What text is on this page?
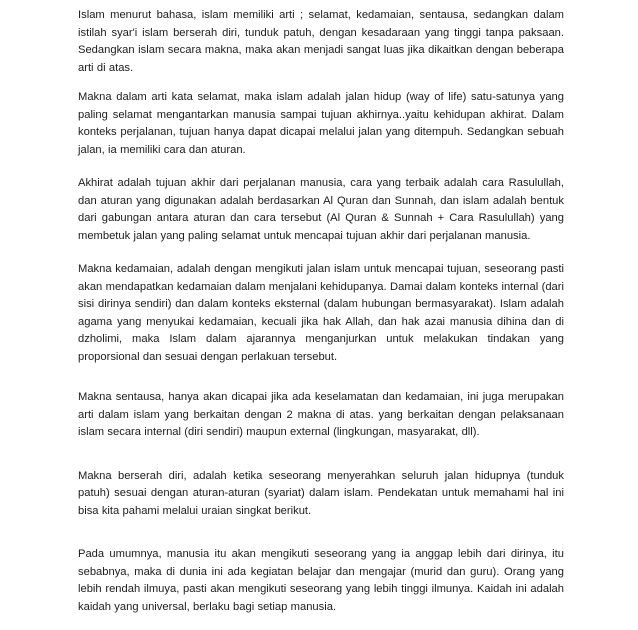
Islam menurut bahasa, islam memiliki arti ; selamat, kedamaian, sentausa, sedangkan dalam istilah syar'i islam berserah diri, tunduk patuh, dengan kesadaraan yang tinggi tanpa paksaan. Sedangkan islam secara makna, maka akan menjadi sangat luas jika dikaitkan dengan beberapa arti di atas.

Makna dalam arti kata selamat, maka islam adalah jalan hidup (way of life) satu-satunya yang paling selamat mengantarkan manusia sampai tujuan akhirnya..yaitu kehidupan akhirat. Dalam konteks perjalanan, tujuan hanya dapat dicapai melalui jalan yang ditempuh. Sedangkan sebuah jalan, ia memiliki cara dan aturan.

Akhirat adalah tujuan akhir dari perjalanan manusia, cara yang terbaik adalah cara Rasulullah, dan aturan yang digunakan adalah berdasarkan Al Quran dan Sunnah, dan islam adalah bentuk dari gabungan antara aturan dan cara tersebut (Al Quran & Sunnah + Cara Rasulullah) yang membetuk jalan yang paling selamat untuk mencapai tujuan akhir dari perjalanan manusia.

Makna kedamaian, adalah dengan mengikuti jalan islam untuk mencapai tujuan, seseorang pasti akan mendapatkan kedamaian dalam menjalani kehidupanya. Damai dalam konteks internal (dari sisi dirinya sendiri) dan dalam konteks eksternal (dalam hubungan bermasyarakat). Islam adalah agama yang menyukai kedamaian, kecuali jika hak Allah, dan hak azai manusia dihina dan di dzholimi, maka Islam dalam ajarannya menganjurkan untuk melakukan tindakan yang proporsional dan sesuai dengan perlakuan tersebut.

Makna sentausa, hanya akan dicapai jika ada keselamatan dan kedamaian, ini juga merupakan arti dalam islam yang berkaitan dengan 2 makna di atas. yang berkaitan dengan pelaksanaan islam secara internal (diri sendiri) maupun external (lingkungan, masyarakat, dll).

Makna berserah diri, adalah ketika seseorang menyerahkan seluruh jalan hidupnya (tunduk patuh) sesuai dengan aturan-aturan (syariat) dalam islam. Pendekatan untuk memahami hal ini bisa kita pahami melalui uraian singkat berikut.

Pada umumnya, manusia itu akan mengikuti seseorang yang ia anggap lebih dari dirinya, itu sebabnya, maka di dunia ini ada kegiatan belajar dan mengajar (murid dan guru). Orang yang lebih rendah ilmuya, pasti akan mengikuti seseorang yang lebih tinggi ilmunya. Kaidah ini adalah kaidah yang universal, berlaku bagi setiap manusia.
